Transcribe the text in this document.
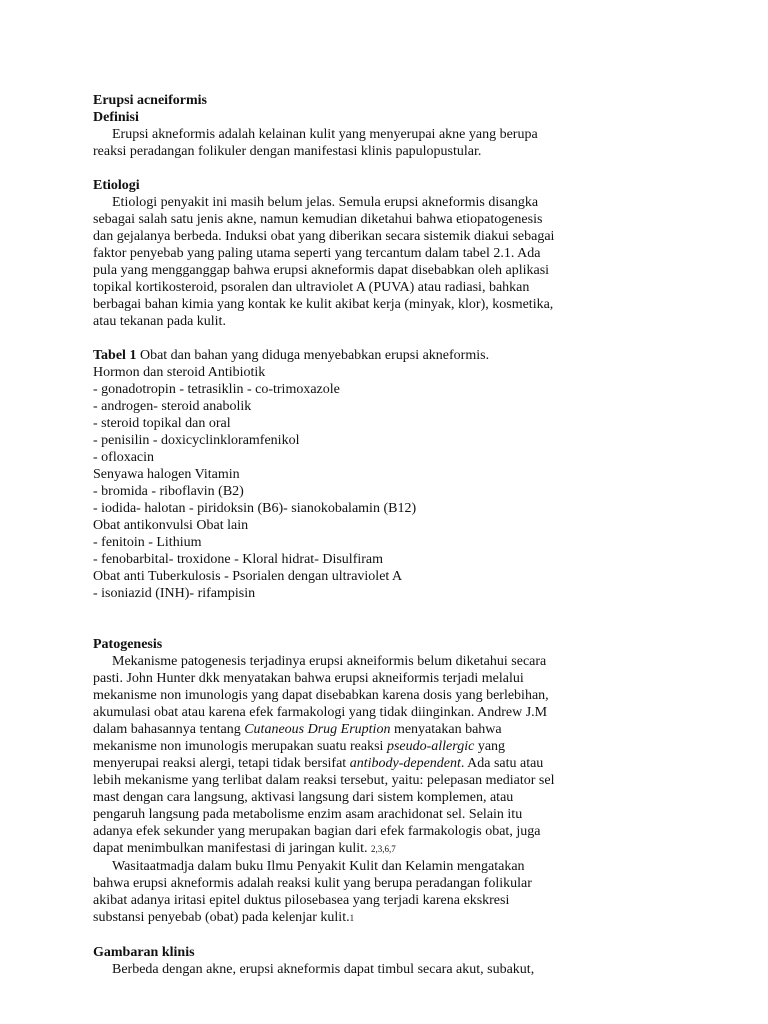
Erupsi acneiformis
Definisi
Erupsi akneformis adalah kelainan kulit yang menyerupai akne yang berupa
reaksi peradangan folikuler dengan manifestasi klinis papulopustular.
Etiologi
Etiologi penyakit ini masih belum jelas. Semula erupsi akneformis disangka
sebagai salah satu jenis akne, namun kemudian diketahui bahwa etiopatogenesis
dan gejalanya berbeda. Induksi obat yang diberikan secara sistemik diakui sebagai
faktor penyebab yang paling utama seperti yang tercantum dalam tabel 2.1. Ada
pula yang mengganggap bahwa erupsi akneformis dapat disebabkan oleh aplikasi
topikal kortikosteroid, psoralen dan ultraviolet A (PUVA) atau radiasi, bahkan
berbagai bahan kimia yang kontak ke kulit akibat kerja (minyak, klor), kosmetika,
atau tekanan pada kulit.
Tabel 1 Obat dan bahan yang diduga menyebabkan erupsi akneformis.
Hormon dan steroid Antibiotik
- gonadotropin - tetrasiklin - co-trimoxazole
- androgen- steroid anabolik
- steroid topikal dan oral
- penisilin - doxicyclinkloramfenikol
- ofloxacin
Senyawa halogen Vitamin
- bromida - riboflavin (B2)
- iodida- halotan - piridoksin (B6)- sianokobalamin (B12)
Obat antikonvulsi Obat lain
- fenitoin - Lithium
- fenobarbital- troxidone - Kloral hidrat- Disulfiram
Obat anti Tuberkulosis - Psorialen dengan ultraviolet A
- isoniazid (INH)- rifampisin
Patogenesis
Mekanisme patogenesis terjadinya erupsi akneiformis belum diketahui secara
pasti. John Hunter dkk menyatakan bahwa erupsi akneiformis terjadi melalui
mekanisme non imunologis yang dapat disebabkan karena dosis yang berlebihan,
akumulasi obat atau karena efek farmakologi yang tidak diinginkan. Andrew J.M
dalam bahasannya tentang Cutaneous Drug Eruption menyatakan bahwa
mekanisme non imunologis merupakan suatu reaksi pseudo-allergic yang
menyerupai reaksi alergi, tetapi tidak bersifat antibody-dependent. Ada satu atau
lebih mekanisme yang terlibat dalam reaksi tersebut, yaitu: pelepasan mediator sel
mast dengan cara langsung, aktivasi langsung dari sistem komplemen, atau
pengaruh langsung pada metabolisme enzim asam arachidonat sel. Selain itu
adanya efek sekunder yang merupakan bagian dari efek farmakologis obat, juga
dapat menimbulkan manifestasi di jaringan kulit. 2,3,6,7
Wasitaatmadja dalam buku Ilmu Penyakit Kulit dan Kelamin mengatakan
bahwa erupsi akneformis adalah reaksi kulit yang berupa peradangan folikular
akibat adanya iritasi epitel duktus pilosebasea yang terjadi karena ekskresi
substansi penyebab (obat) pada kelenjar kulit.1
Gambaran klinis
Berbeda dengan akne, erupsi akneformis dapat timbul secara akut, subakut,
